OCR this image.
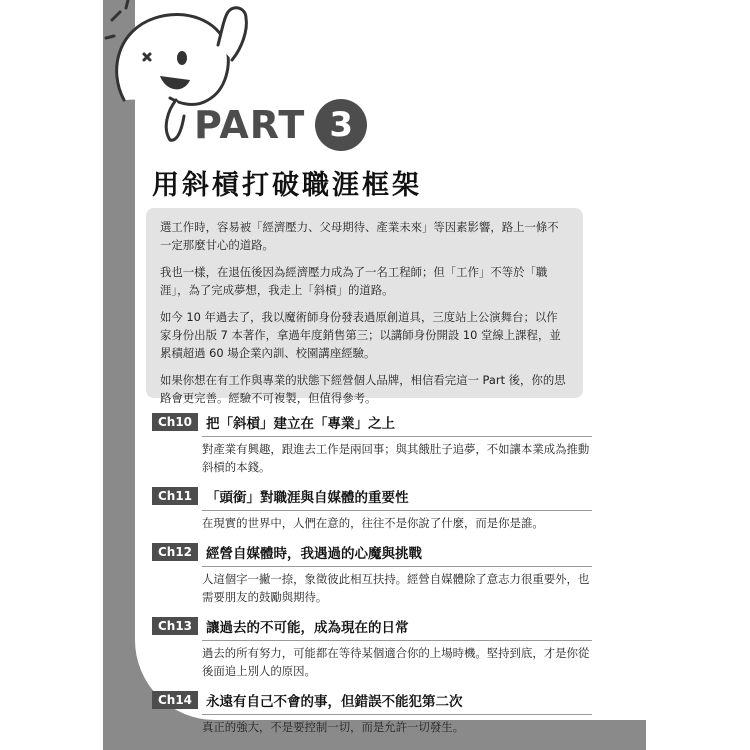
PART 3
用斜槓打破職涯框架

選工作時，容易被「經濟壓力、父母期待、產業未來」等因素影響，路上一條不一定那麼甘心的道路。

我也一樣，在退伍後因為經濟壓力成為了一名工程師；但「工作」不等於「職涯」，為了完成夢想，我走上「斜槓」的道路。

如今 10 年過去了，我以魔術師身份發表過原創道具，三度站上公演舞台；以作家身份出版 7 本著作，拿過年度銷售第三；以講師身份開設 10 堂線上課程，並累積超過 60 場企業內訓、校園講座經驗。

如果你想在有工作與專業的狀態下經營個人品牌，相信看完這一 Part 後，你的思路會更完善。經驗不可複製，但值得參考。

Ch10	把「斜槓」建立在「專業」之上
對產業有興趣，跟進去工作是兩回事；與其餓肚子追夢，不如讓本業成為推動斜槓的本錢。
Ch11	「頭銜」對職涯與自媒體的重要性
在現實的世界中，人們在意的，往往不是你說了什麼，而是你是誰。
Ch12	經營自媒體時，我遇過的心魔與挑戰
人這個字一撇一捺，象徵彼此相互扶持。經營自媒體除了意志力很重要外，也需要朋友的鼓勵與期待。
Ch13	讓過去的不可能，成為現在的日常
過去的所有努力，可能都在等待某個適合你的上場時機。堅持到底，才是你從後面追上別人的原因。
Ch14	永遠有自己不會的事，但錯誤不能犯第二次
真正的強大，不是要控制一切，而是允許一切發生。
